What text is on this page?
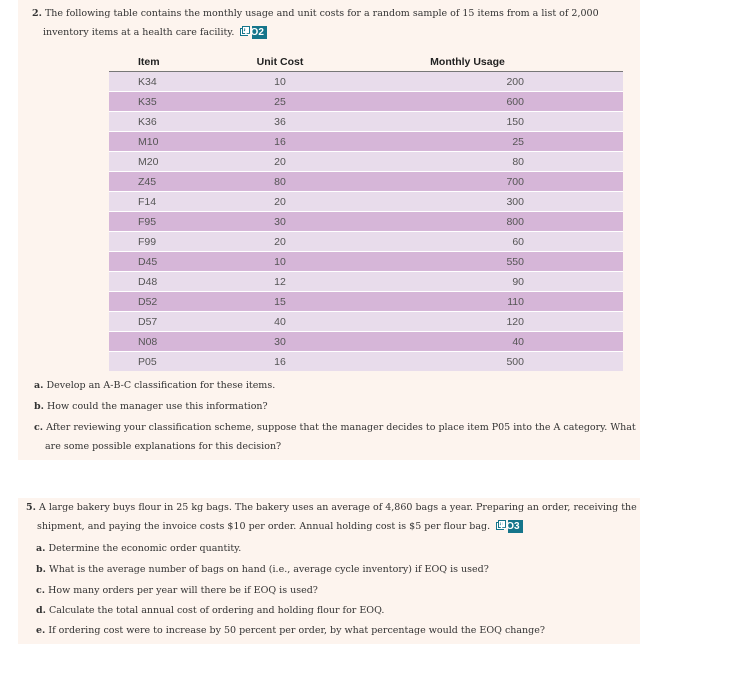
2. The following table contains the monthly usage and unit costs for a random sample of 15 items from a list of 2,000 inventory items at a health care facility. LO2
Item	Unit Cost	Monthly Usage
K34	10	200
K35	25	600
K36	36	150
M10	16	25
M20	20	80
Z45	80	700
F14	20	300
F95	30	800
F99	20	60
D45	10	550
D48	12	90
D52	15	110
D57	40	120
N08	30	40
P05	16	500
a. Develop an A-B-C classification for these items.
b. How could the manager use this information?
c. After reviewing your classification scheme, suppose that the manager decides to place item P05 into the A category. What are some possible explanations for this decision?
5. A large bakery buys flour in 25 kg bags. The bakery uses an average of 4,860 bags a year. Preparing an order, receiving the shipment, and paying the invoice costs $10 per order. Annual holding cost is $5 per flour bag. LO3
a. Determine the economic order quantity.
b. What is the average number of bags on hand (i.e., average cycle inventory) if EOQ is used?
c. How many orders per year will there be if EOQ is used?
d. Calculate the total annual cost of ordering and holding flour for EOQ.
e. If ordering cost were to increase by 50 percent per order, by what percentage would the EOQ change?
